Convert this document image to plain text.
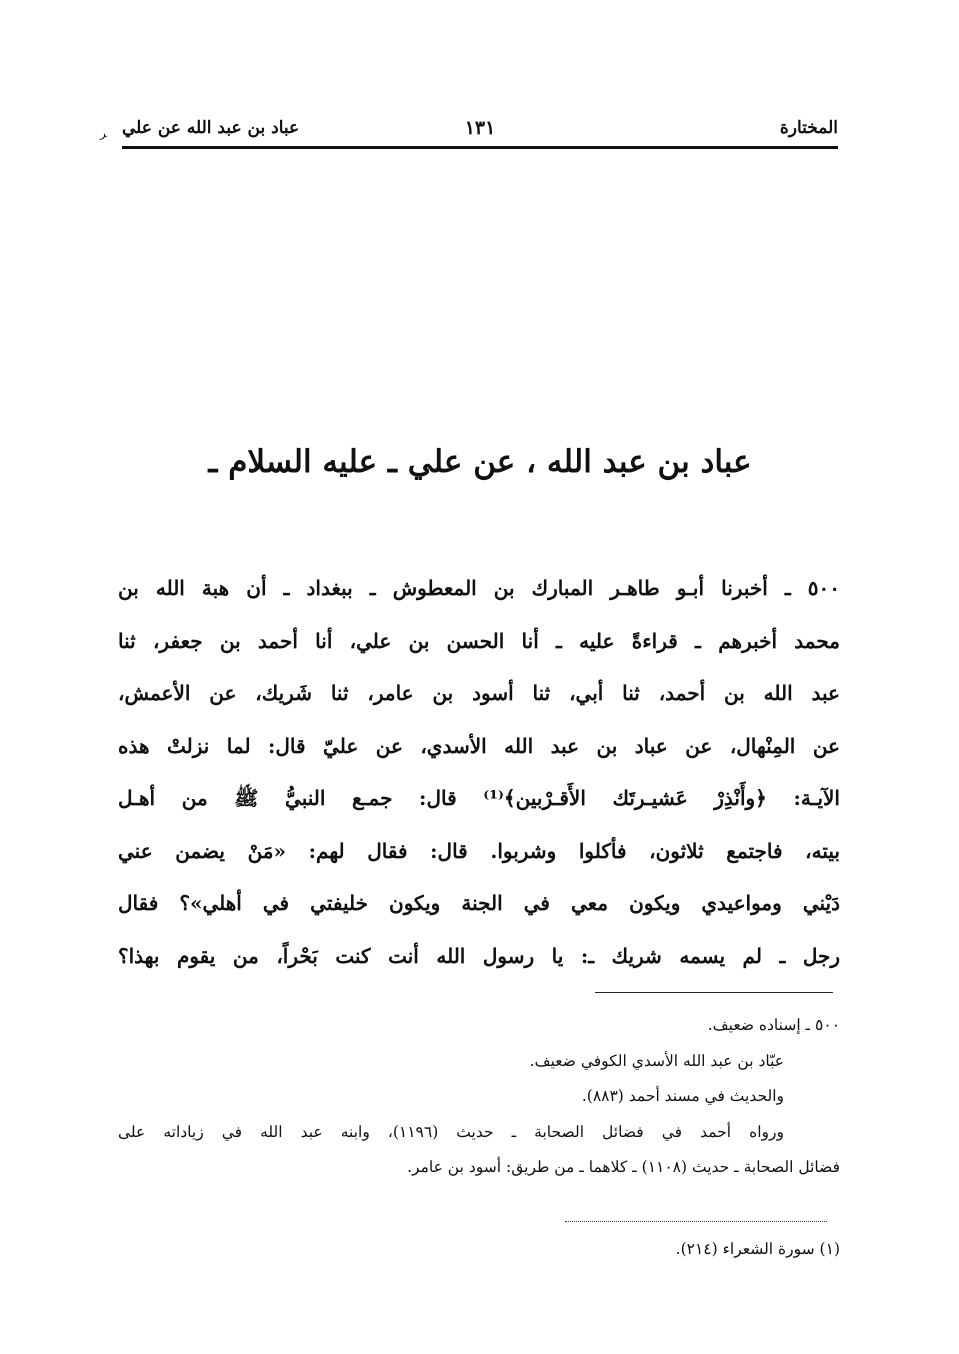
المختارة
١٣١
عباد بن عبد الله عن علي
ﺮ
عباد بن عبد الله ، عن علي ـ عليه السلام ـ
٥٠٠ ـ أخبرنا أبـو طاهـر المبارك بن المعطوش ـ ببغداد ـ أن هبة الله بن
محمد أخبرهم ـ قراءةً عليه ـ أنا الحسن بن علي، أنا أحمد بن جعفر، ثنا
عبد الله بن أحمد، ثنا أبي، ثنا أسود بن عامر، ثنا شَريك، عن الأعمش،
عن المِنْهال، عن عباد بن عبد الله الأسدي، عن عليّ قال: لما نزلتْ هذه
الآيـة: ﴿وأَنْذِرْ عَشيـرتَك الأَقـرْبين﴾⁽¹⁾ قال: جمـع النبيُّ ﷺ من أهـل
بيته، فاجتمع ثلاثون، فأكلوا وشربوا. قال: فقال لهم: «مَنْ يضمن عني
دَيْني ومواعيدي ويكون معي في الجنة ويكون خليفتي في أهلي»؟ فقال
رجل ـ لم يسمه شريك ـ: يا رسول الله أنت كنت بَحْراً، من يقوم بهذا؟
٥٠٠ ـ إسناده ضعيف.
عبّاد بن عبد الله الأسدي الكوفي ضعيف.
والحديث في مسند أحمد (٨٨٣).
ورواه أحمد في فضائل الصحابة ـ حديث (١١٩٦)، وابنه عبد الله في زياداته على
فضائل الصحابة ـ حديث (١١٠٨) ـ كلاهما ـ من طريق: أسود بن عامر.
(١) سورة الشعراء (٢١٤).
